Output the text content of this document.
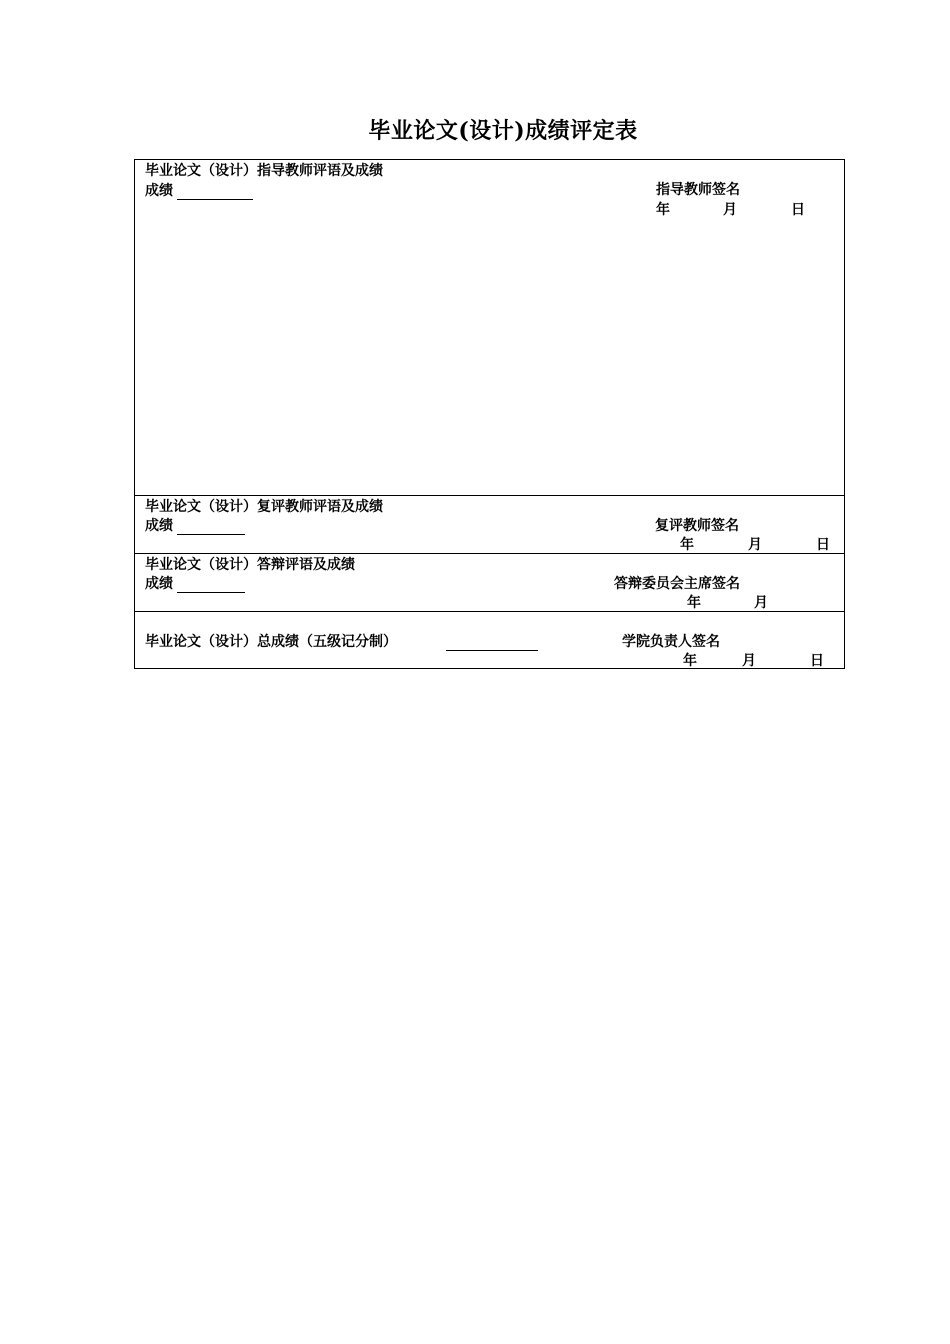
毕业论文(设计)成绩评定表
毕业论文（设计）指导教师评语及成绩
成绩	指导教师签名
年	月	日
毕业论文（设计）复评教师评语及成绩
成绩	复评教师签名
年	月	日
毕业论文（设计）答辩评语及成绩
成绩	答辩委员会主席签名
年	月
毕业论文（设计）总成绩（五级记分制）	学院负责人签名
年	月	日
